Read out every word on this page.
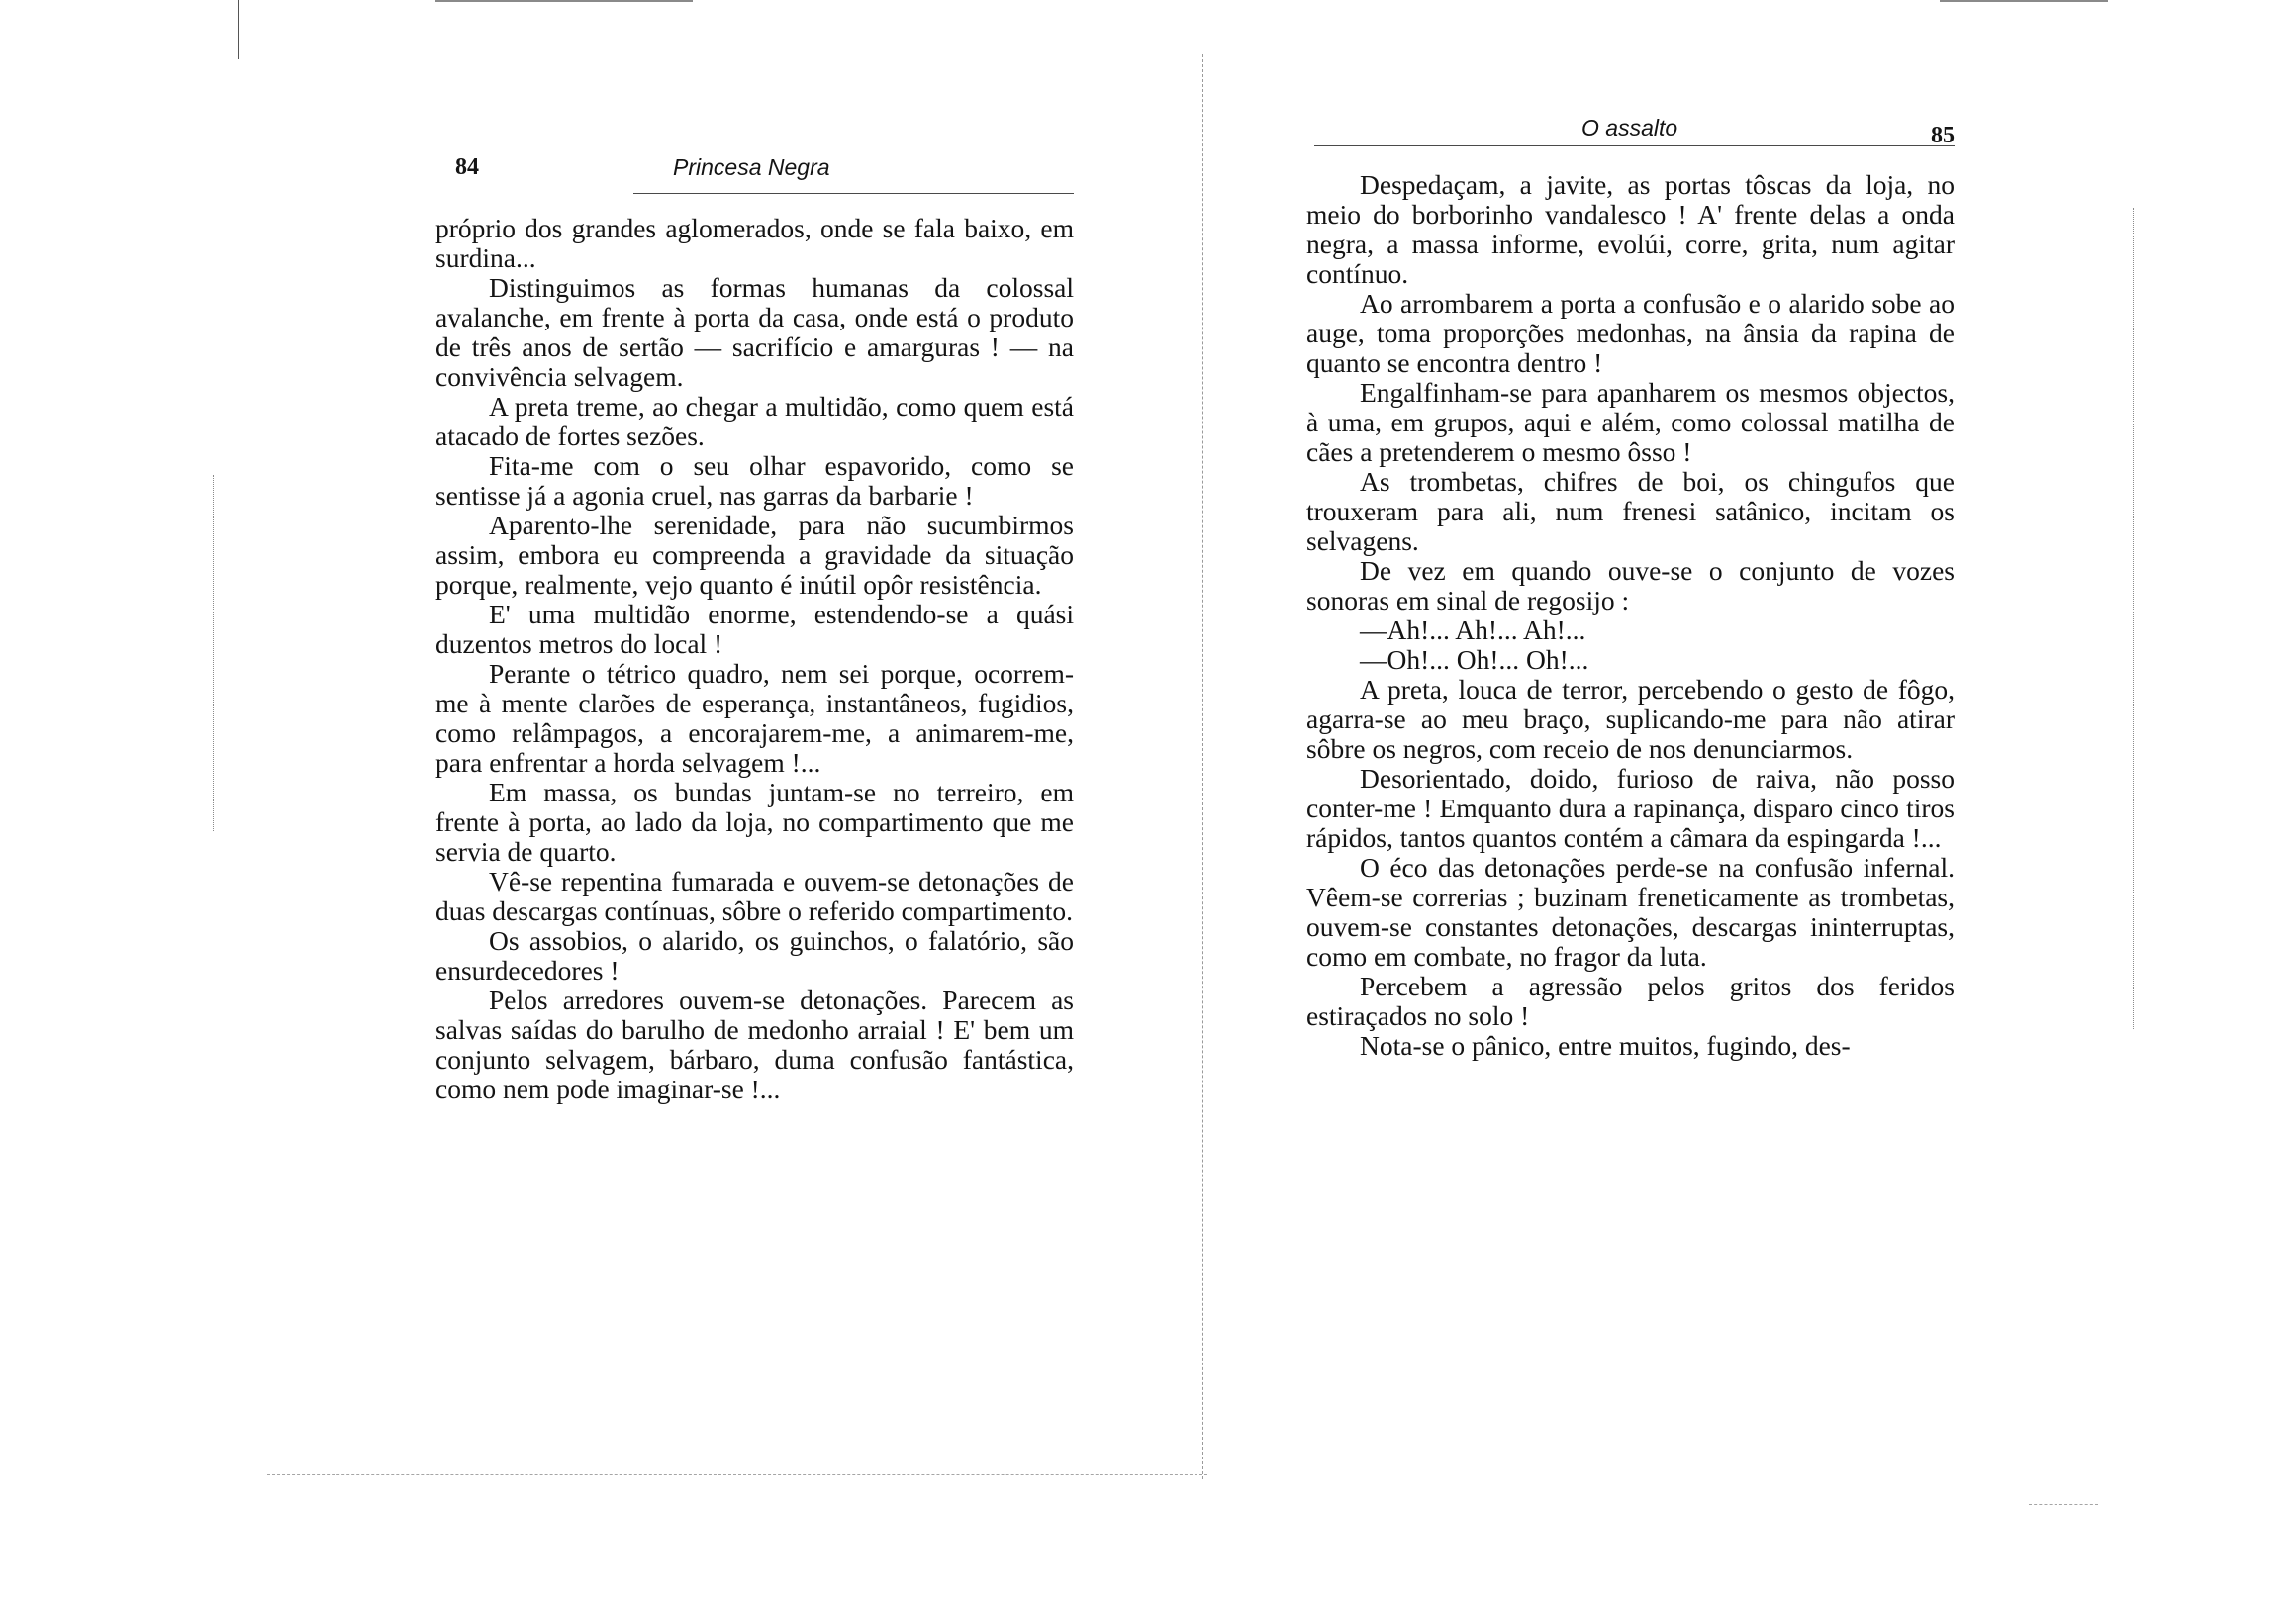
84	Princesa Negra

próprio dos grandes aglomerados, onde se fala baixo, em surdina...

Distinguimos as formas humanas da colossal avalanche, em frente à porta da casa, onde está o produto de três anos de sertão — sacrifício e amarguras ! — na convivência selvagem.

A preta treme, ao chegar a multidão, como quem está atacado de fortes sezões.

Fita-me com o seu olhar espavorido, como se sentisse já a agonia cruel, nas garras da barbarie !

Aparento-lhe serenidade, para não sucumbirmos assim, embora eu compreenda a gravidade da situação porque, realmente, vejo quanto é inútil opôr resistência.

E' uma multidão enorme, estendendo-se a quási duzentos metros do local !

Perante o tétrico quadro, nem sei porque, ocorrem-me à mente clarões de esperança, instantâneos, fugidios, como relâmpagos, a encorajarem-me, a animarem-me, para enfrentar a horda selvagem !...

Em massa, os bundas juntam-se no terreiro, em frente à porta, ao lado da loja, no compartimento que me servia de quarto.

Vê-se repentina fumarada e ouvem-se detonações de duas descargas contínuas, sôbre o referido compartimento.

Os assobios, o alarido, os guinchos, o falatório, são ensurdecedores !

Pelos arredores ouvem-se detonações. Parecem as salvas saídas do barulho de medonho arraial ! E' bem um conjunto selvagem, bárbaro, duma confusão fantástica, como nem pode imaginar-se !...

O assalto	85

Despedaçam, a javite, as portas tôscas da loja, no meio do borborinho vandalesco ! A' frente delas a onda negra, a massa informe, evolúi, corre, grita, num agitar contínuo.

Ao arrombarem a porta a confusão e o alarido sobe ao auge, toma proporções medonhas, na ânsia da rapina de quanto se encontra dentro !

Engalfinham-se para apanharem os mesmos objectos, à uma, em grupos, aqui e além, como colossal matilha de cães a pretenderem o mesmo ôsso !

As trombetas, chifres de boi, os chingufos que trouxeram para ali, num frenesi satânico, incitam os selvagens.

De vez em quando ouve-se o conjunto de vozes sonoras em sinal de regosijo :

—Ah!... Ah!... Ah!...

—Oh!... Oh!... Oh!...

A preta, louca de terror, percebendo o gesto de fôgo, agarra-se ao meu braço, suplicando-me para não atirar sôbre os negros, com receio de nos denunciarmos.

Desorientado, doido, furioso de raiva, não posso conter-me ! Emquanto dura a rapinança, disparo cinco tiros rápidos, tantos quantos contém a câmara da espingarda !...

O éco das detonações perde-se na confusão infernal. Vêem-se correrias ; buzinam freneticamente as trombetas, ouvem-se constantes detonações, descargas ininterruptas, como em combate, no fragor da luta.

Percebem a agressão pelos gritos dos feridos estiraçados no solo !

Nota-se o pânico, entre muitos, fugindo, des-
